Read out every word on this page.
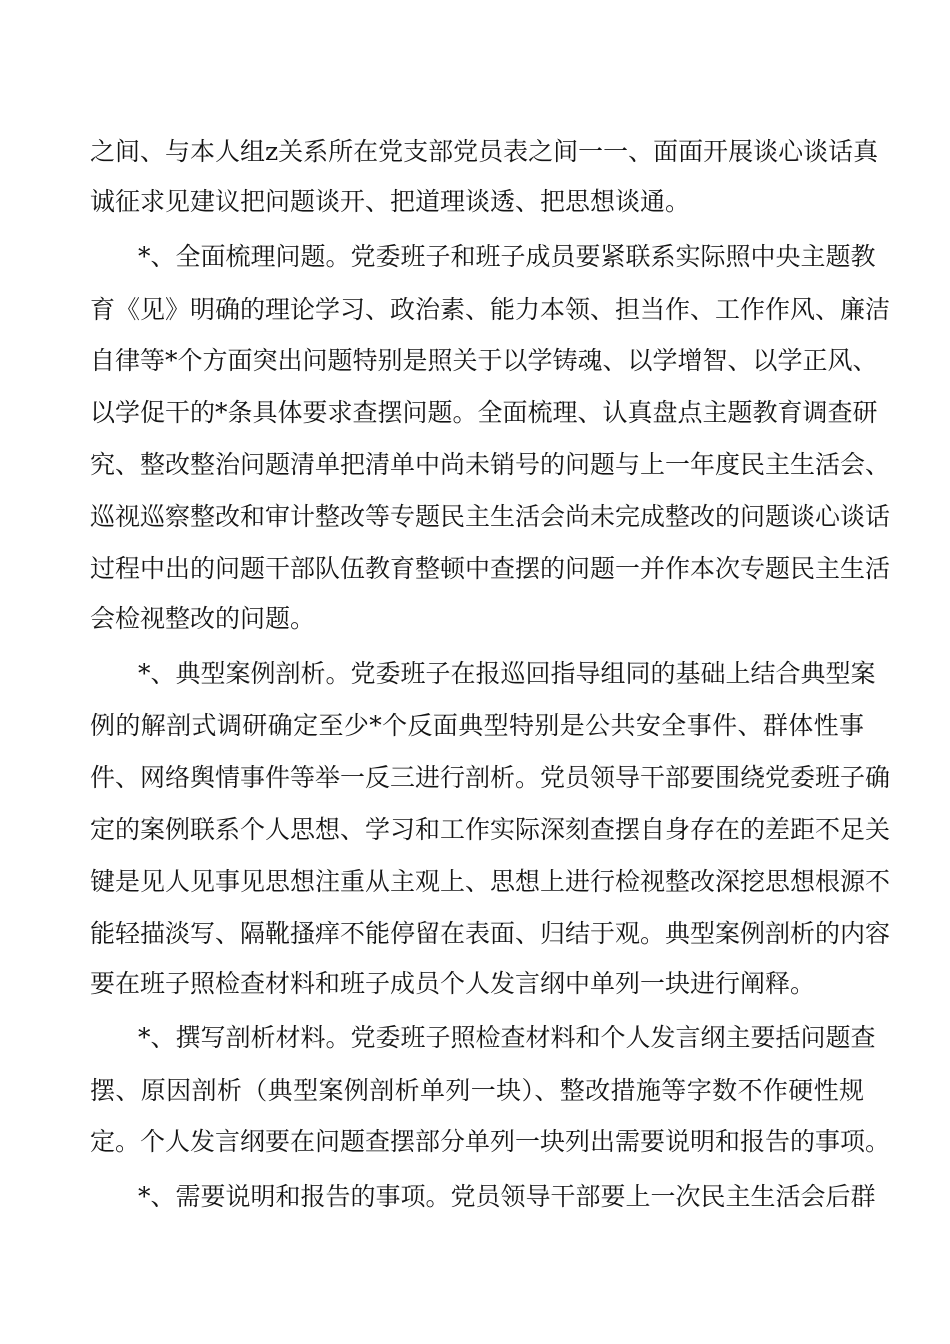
之间、与本人组z关系所在党支部党员表之间一一、面面开展谈心谈话真
诚征求见建议把问题谈开、把道理谈透、把思想谈通。
*、全面梳理问题。党委班子和班子成员要紧联系实际照中央主题教
育《见》明确的理论学习、政治素、能力本领、担当作、工作作风、廉洁
自律等*个方面突出问题特别是照关于以学铸魂、以学增智、以学正风、
以学促干的*条具体要求查摆问题。全面梳理、认真盘点主题教育调查研
究、整改整治问题清单把清单中尚未销号的问题与上一年度民主生活会、
巡视巡察整改和审计整改等专题民主生活会尚未完成整改的问题谈心谈话
过程中出的问题干部队伍教育整顿中查摆的问题一并作本次专题民主生活
会检视整改的问题。
*、典型案例剖析。党委班子在报巡回指导组同的基础上结合典型案
例的解剖式调研确定至少*个反面典型特别是公共安全事件、群体性事
件、网络舆情事件等举一反三进行剖析。党员领导干部要围绕党委班子确
定的案例联系个人思想、学习和工作实际深刻查摆自身存在的差距不足关
键是见人见事见思想注重从主观上、思想上进行检视整改深挖思想根源不
能轻描淡写、隔靴搔痒不能停留在表面、归结于观。典型案例剖析的内容
要在班子照检查材料和班子成员个人发言纲中单列一块进行阐释。
*、撰写剖析材料。党委班子照检查材料和个人发言纲主要括问题查
摆、原因剖析（典型案例剖析单列一块）、整改措施等字数不作硬性规
定。个人发言纲要在问题查摆部分单列一块列出需要说明和报告的事项。
*、需要说明和报告的事项。党员领导干部要上一次民主生活会后群
